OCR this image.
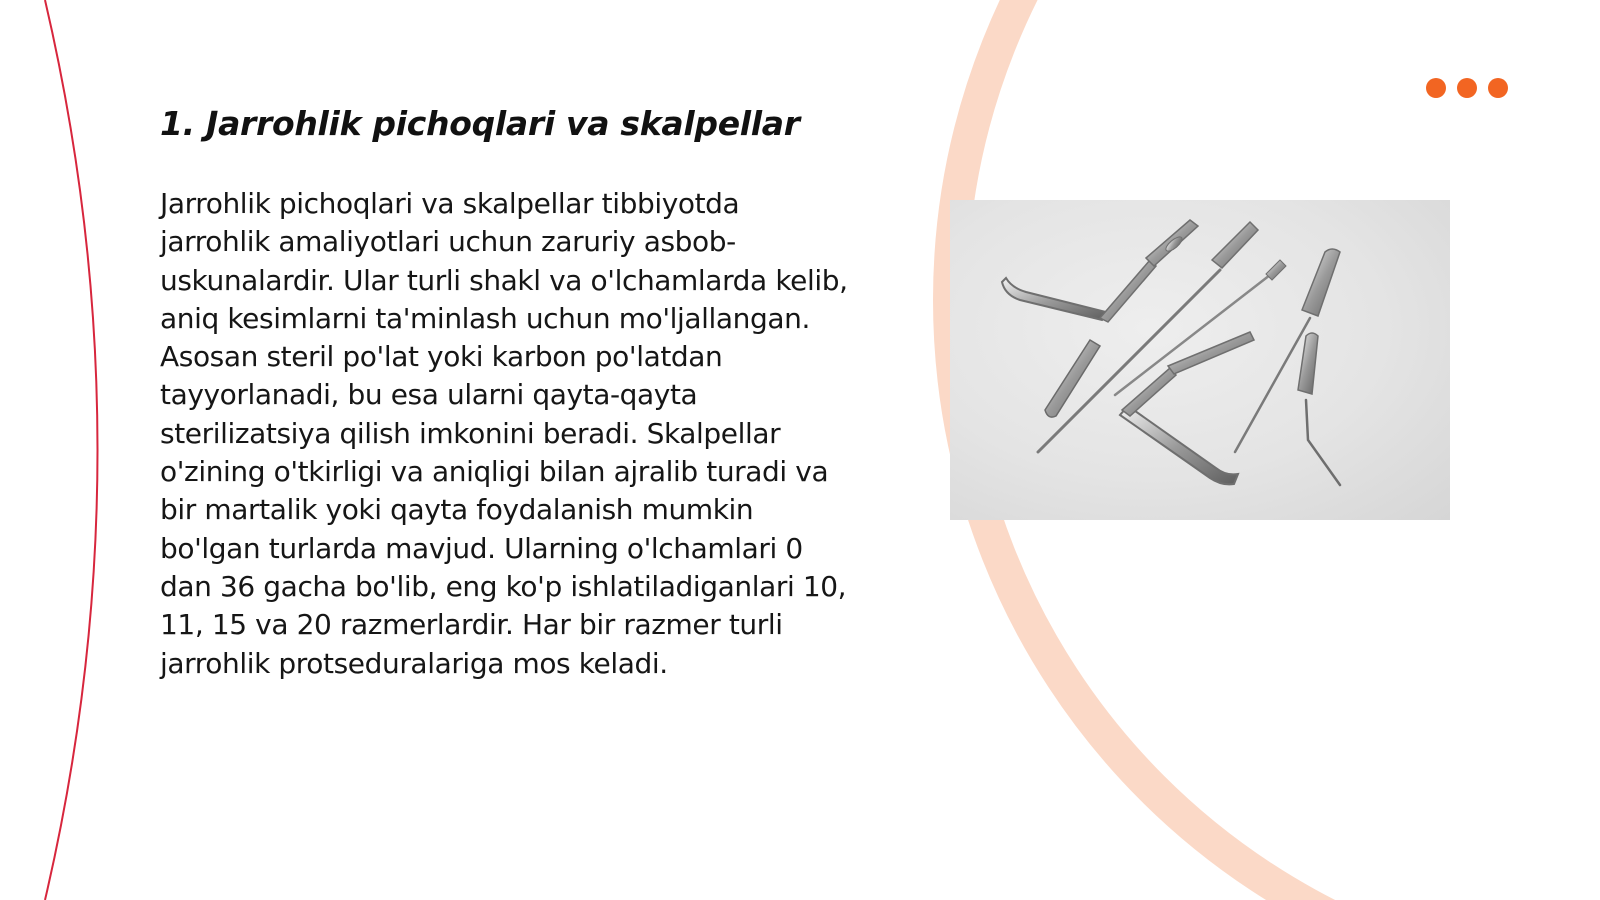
1. Jarrohlik pichoqlari va skalpellar

Jarrohlik pichoqlari va skalpellar tibbiyotda jarrohlik amaliyotlari uchun zaruriy asbob-uskunalardir. Ular turli shakl va o'lchamlarda kelib, aniq kesimlarni ta'minlash uchun mo'ljallangan. Asosan steril po'lat yoki karbon po'latdan tayyorlanadi, bu esa ularni qayta-qayta sterilizatsiya qilish imkonini beradi. Skalpellar o'zining o'tkirligi va aniqligi bilan ajralib turadi va bir martalik yoki qayta foydalanish mumkin bo'lgan turlarda mavjud. Ularning o'lchamlari 0 dan 36 gacha bo'lib, eng ko'p ishlatiladiganlari 10, 11, 15 va 20 razmerlardir. Har bir razmer turli jarrohlik protseduralariga mos keladi.
